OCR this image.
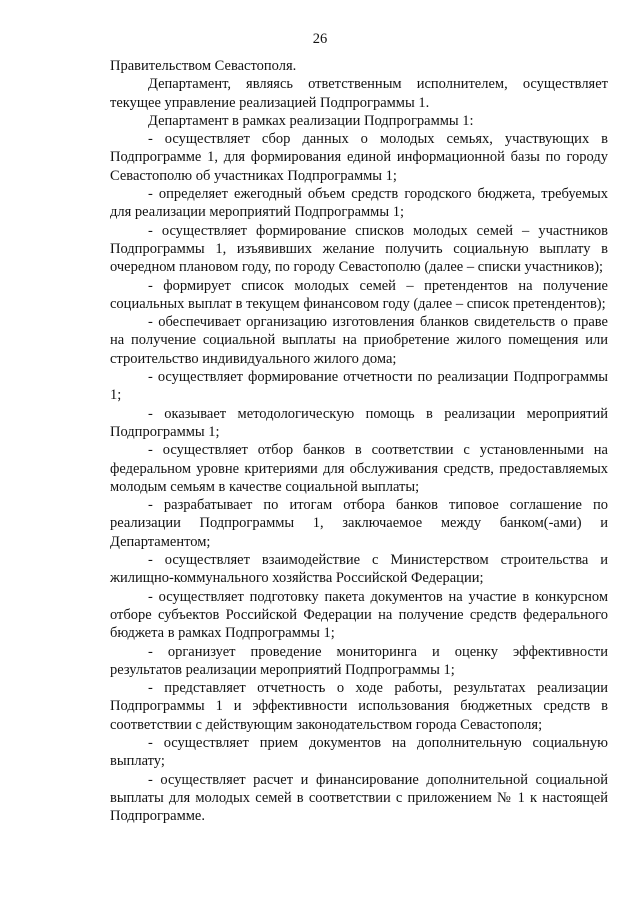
26

Правительством Севастополя.

Департамент, являясь ответственным исполнителем, осуществляет текущее управление реализацией Подпрограммы 1.

Департамент в рамках реализации Подпрограммы 1:

- осуществляет сбор данных о молодых семьях, участвующих в Подпрограмме 1, для формирования единой информационной базы по городу Севастополю об участниках Подпрограммы 1;

- определяет ежегодный объем средств городского бюджета, требуемых для реализации мероприятий Подпрограммы 1;

- осуществляет формирование списков молодых семей – участников Подпрограммы 1, изъявивших желание получить социальную выплату в очередном плановом году, по городу Севастополю (далее – списки участников);

- формирует список молодых семей – претендентов на получение социальных выплат в текущем финансовом году (далее – список претендентов);

- обеспечивает организацию изготовления бланков свидетельств о праве на получение социальной выплаты на приобретение жилого помещения или строительство индивидуального жилого дома;

- осуществляет формирование отчетности по реализации Подпрограммы 1;

- оказывает методологическую помощь в реализации мероприятий Подпрограммы 1;

- осуществляет отбор банков в соответствии с установленными на федеральном уровне критериями для обслуживания средств, предоставляемых молодым семьям в качестве социальной выплаты;

- разрабатывает по итогам отбора банков типовое соглашение по реализации Подпрограммы 1, заключаемое между банком(-ами) и Департаментом;

- осуществляет взаимодействие с Министерством строительства и жилищно-коммунального хозяйства Российской Федерации;

- осуществляет подготовку пакета документов на участие в конкурсном отборе субъектов Российской Федерации на получение средств федерального бюджета в рамках Подпрограммы 1;

- организует проведение мониторинга и оценку эффективности результатов реализации мероприятий Подпрограммы 1;

- представляет отчетность о ходе работы, результатах реализации Подпрограммы 1 и эффективности использования бюджетных средств в соответствии с действующим законодательством города Севастополя;

- осуществляет прием документов на дополнительную социальную выплату;

- осуществляет расчет и финансирование дополнительной социальной выплаты для молодых семей в соответствии с приложением № 1 к настоящей Подпрограмме.
